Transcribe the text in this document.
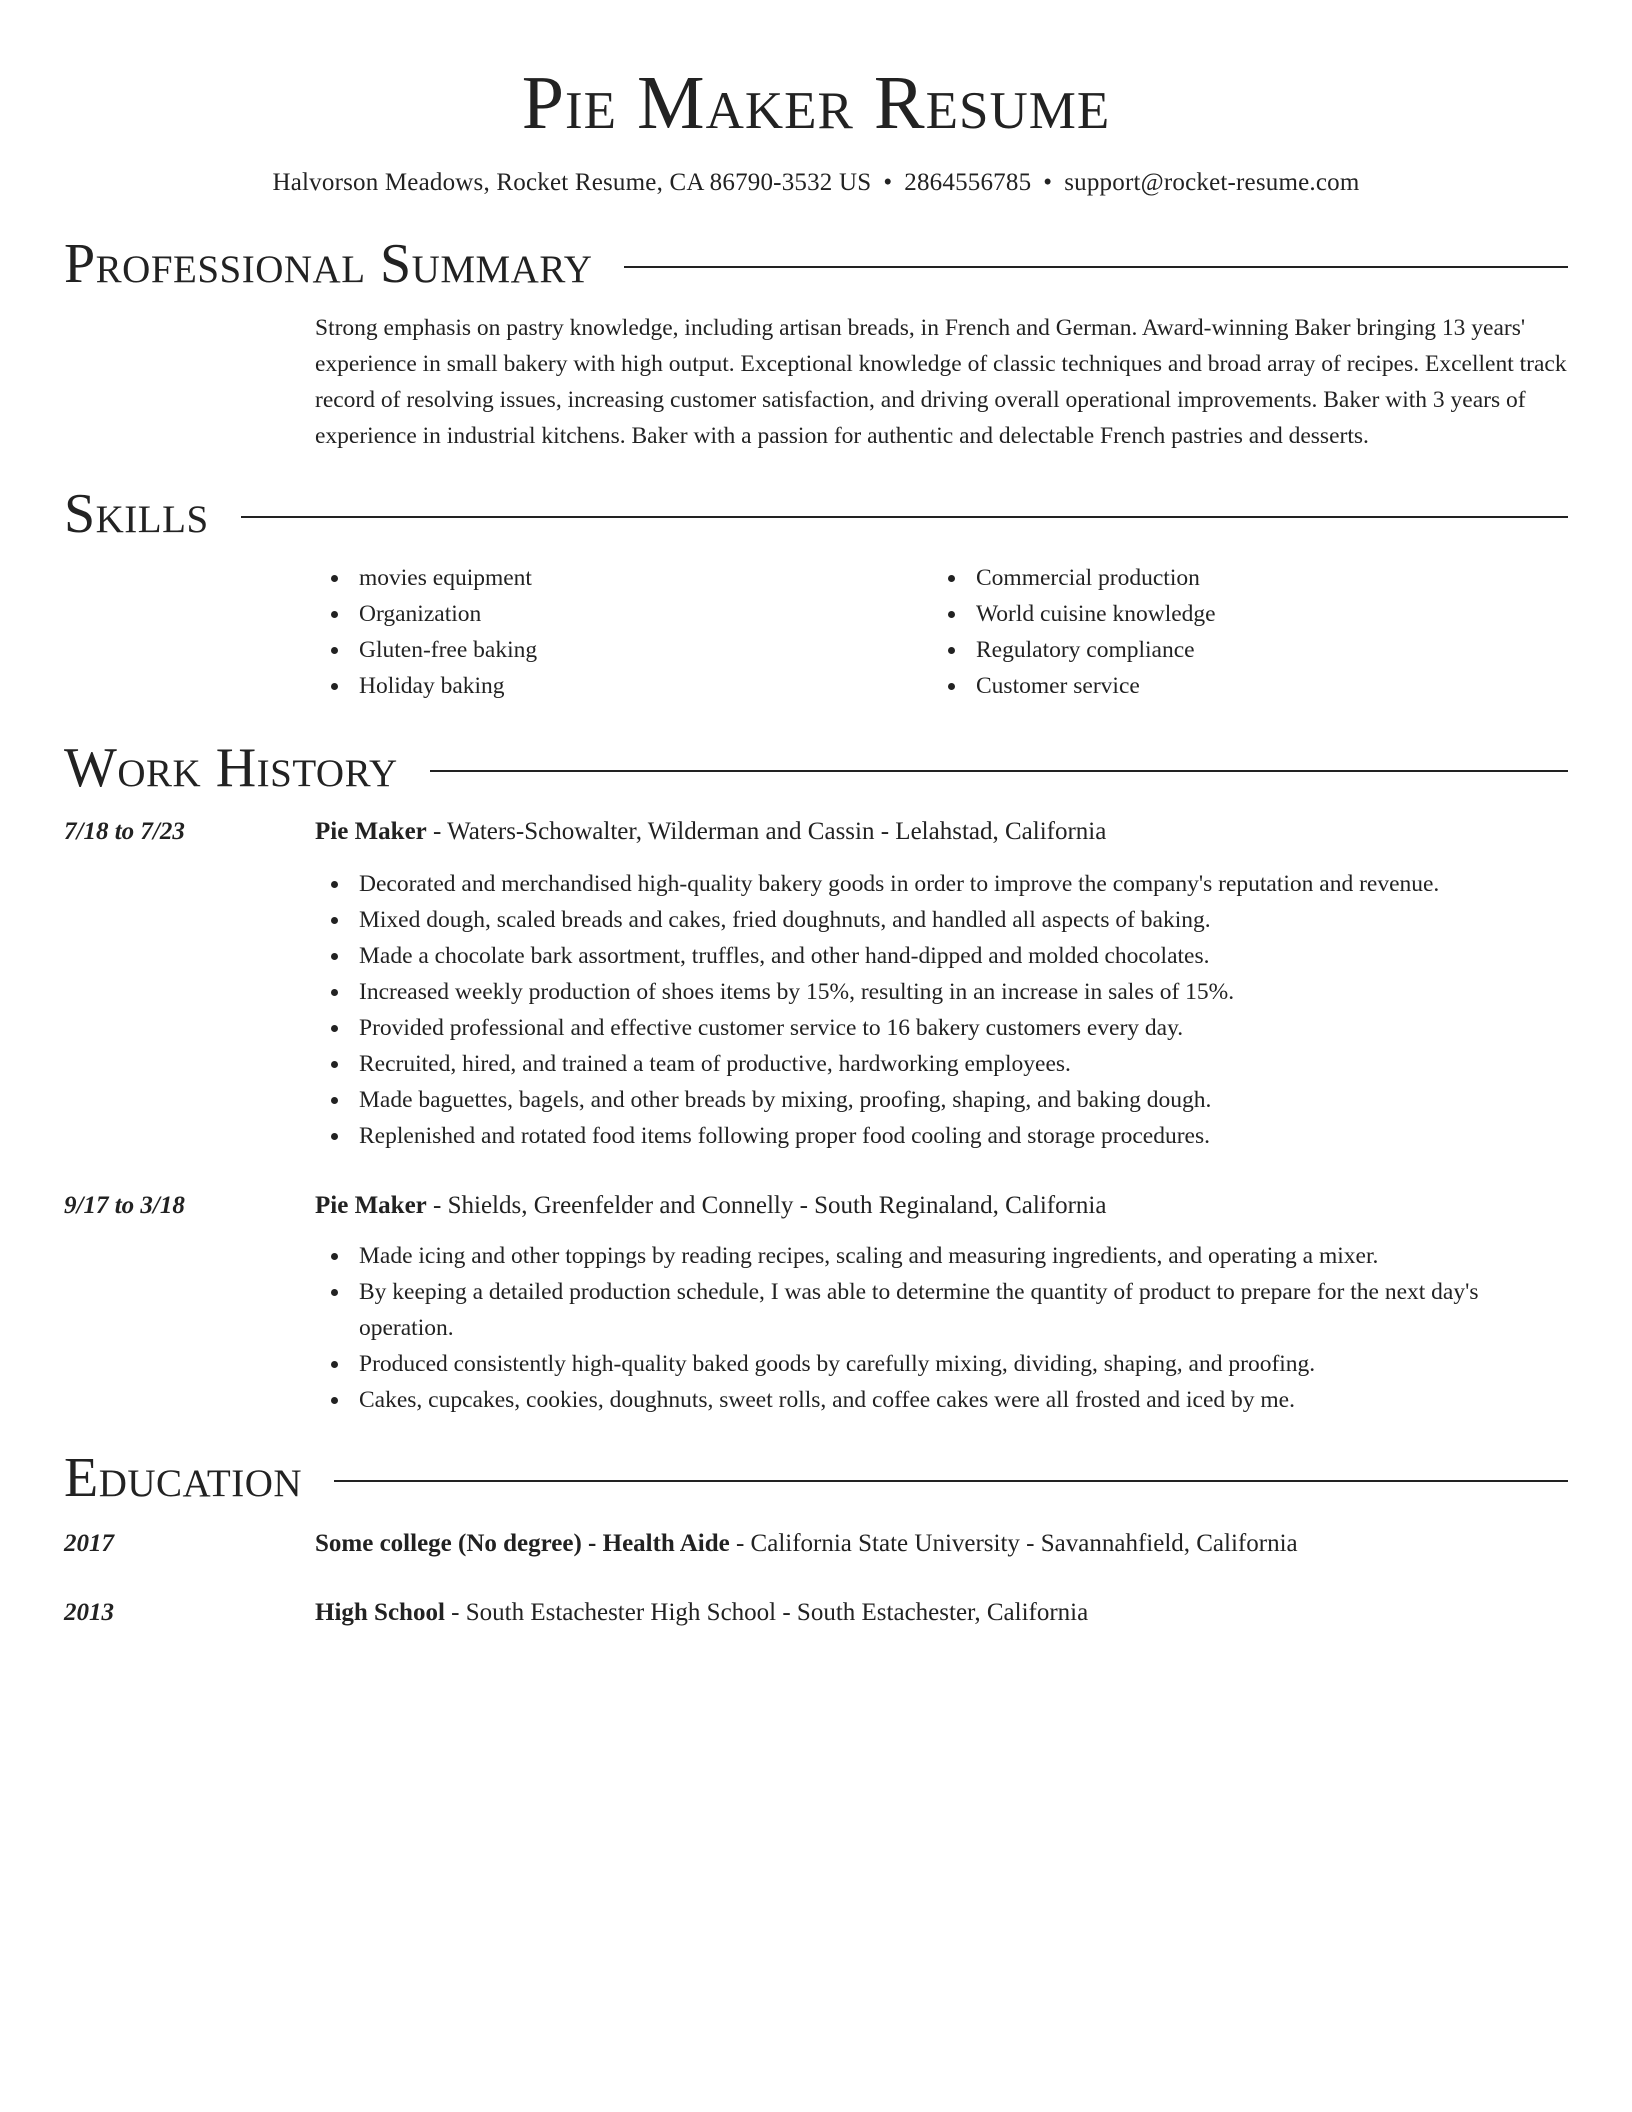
Pie Maker Resume
Halvorson Meadows, Rocket Resume, CA 86790-3532 US • 2864556785 • support@rocket-resume.com
Professional Summary
Strong emphasis on pastry knowledge, including artisan breads, in French and German. Award-winning Baker bringing 13 years' experience in small bakery with high output. Exceptional knowledge of classic techniques and broad array of recipes. Excellent track record of resolving issues, increasing customer satisfaction, and driving overall operational improvements. Baker with 3 years of experience in industrial kitchens. Baker with a passion for authentic and delectable French pastries and desserts.
Skills
movies equipment
Organization
Gluten-free baking
Holiday baking
Commercial production
World cuisine knowledge
Regulatory compliance
Customer service
Work History
7/18 to 7/23	Pie Maker - Waters-Schowalter, Wilderman and Cassin - Lelahstad, California
Decorated and merchandised high-quality bakery goods in order to improve the company's reputation and revenue.
Mixed dough, scaled breads and cakes, fried doughnuts, and handled all aspects of baking.
Made a chocolate bark assortment, truffles, and other hand-dipped and molded chocolates.
Increased weekly production of shoes items by 15%, resulting in an increase in sales of 15%.
Provided professional and effective customer service to 16 bakery customers every day.
Recruited, hired, and trained a team of productive, hardworking employees.
Made baguettes, bagels, and other breads by mixing, proofing, shaping, and baking dough.
Replenished and rotated food items following proper food cooling and storage procedures.
9/17 to 3/18	Pie Maker - Shields, Greenfelder and Connelly - South Reginaland, California
Made icing and other toppings by reading recipes, scaling and measuring ingredients, and operating a mixer.
By keeping a detailed production schedule, I was able to determine the quantity of product to prepare for the next day's operation.
Produced consistently high-quality baked goods by carefully mixing, dividing, shaping, and proofing.
Cakes, cupcakes, cookies, doughnuts, sweet rolls, and coffee cakes were all frosted and iced by me.
Education
2017	Some college (No degree) - Health Aide - California State University - Savannahfield, California
2013	High School - South Estachester High School - South Estachester, California
